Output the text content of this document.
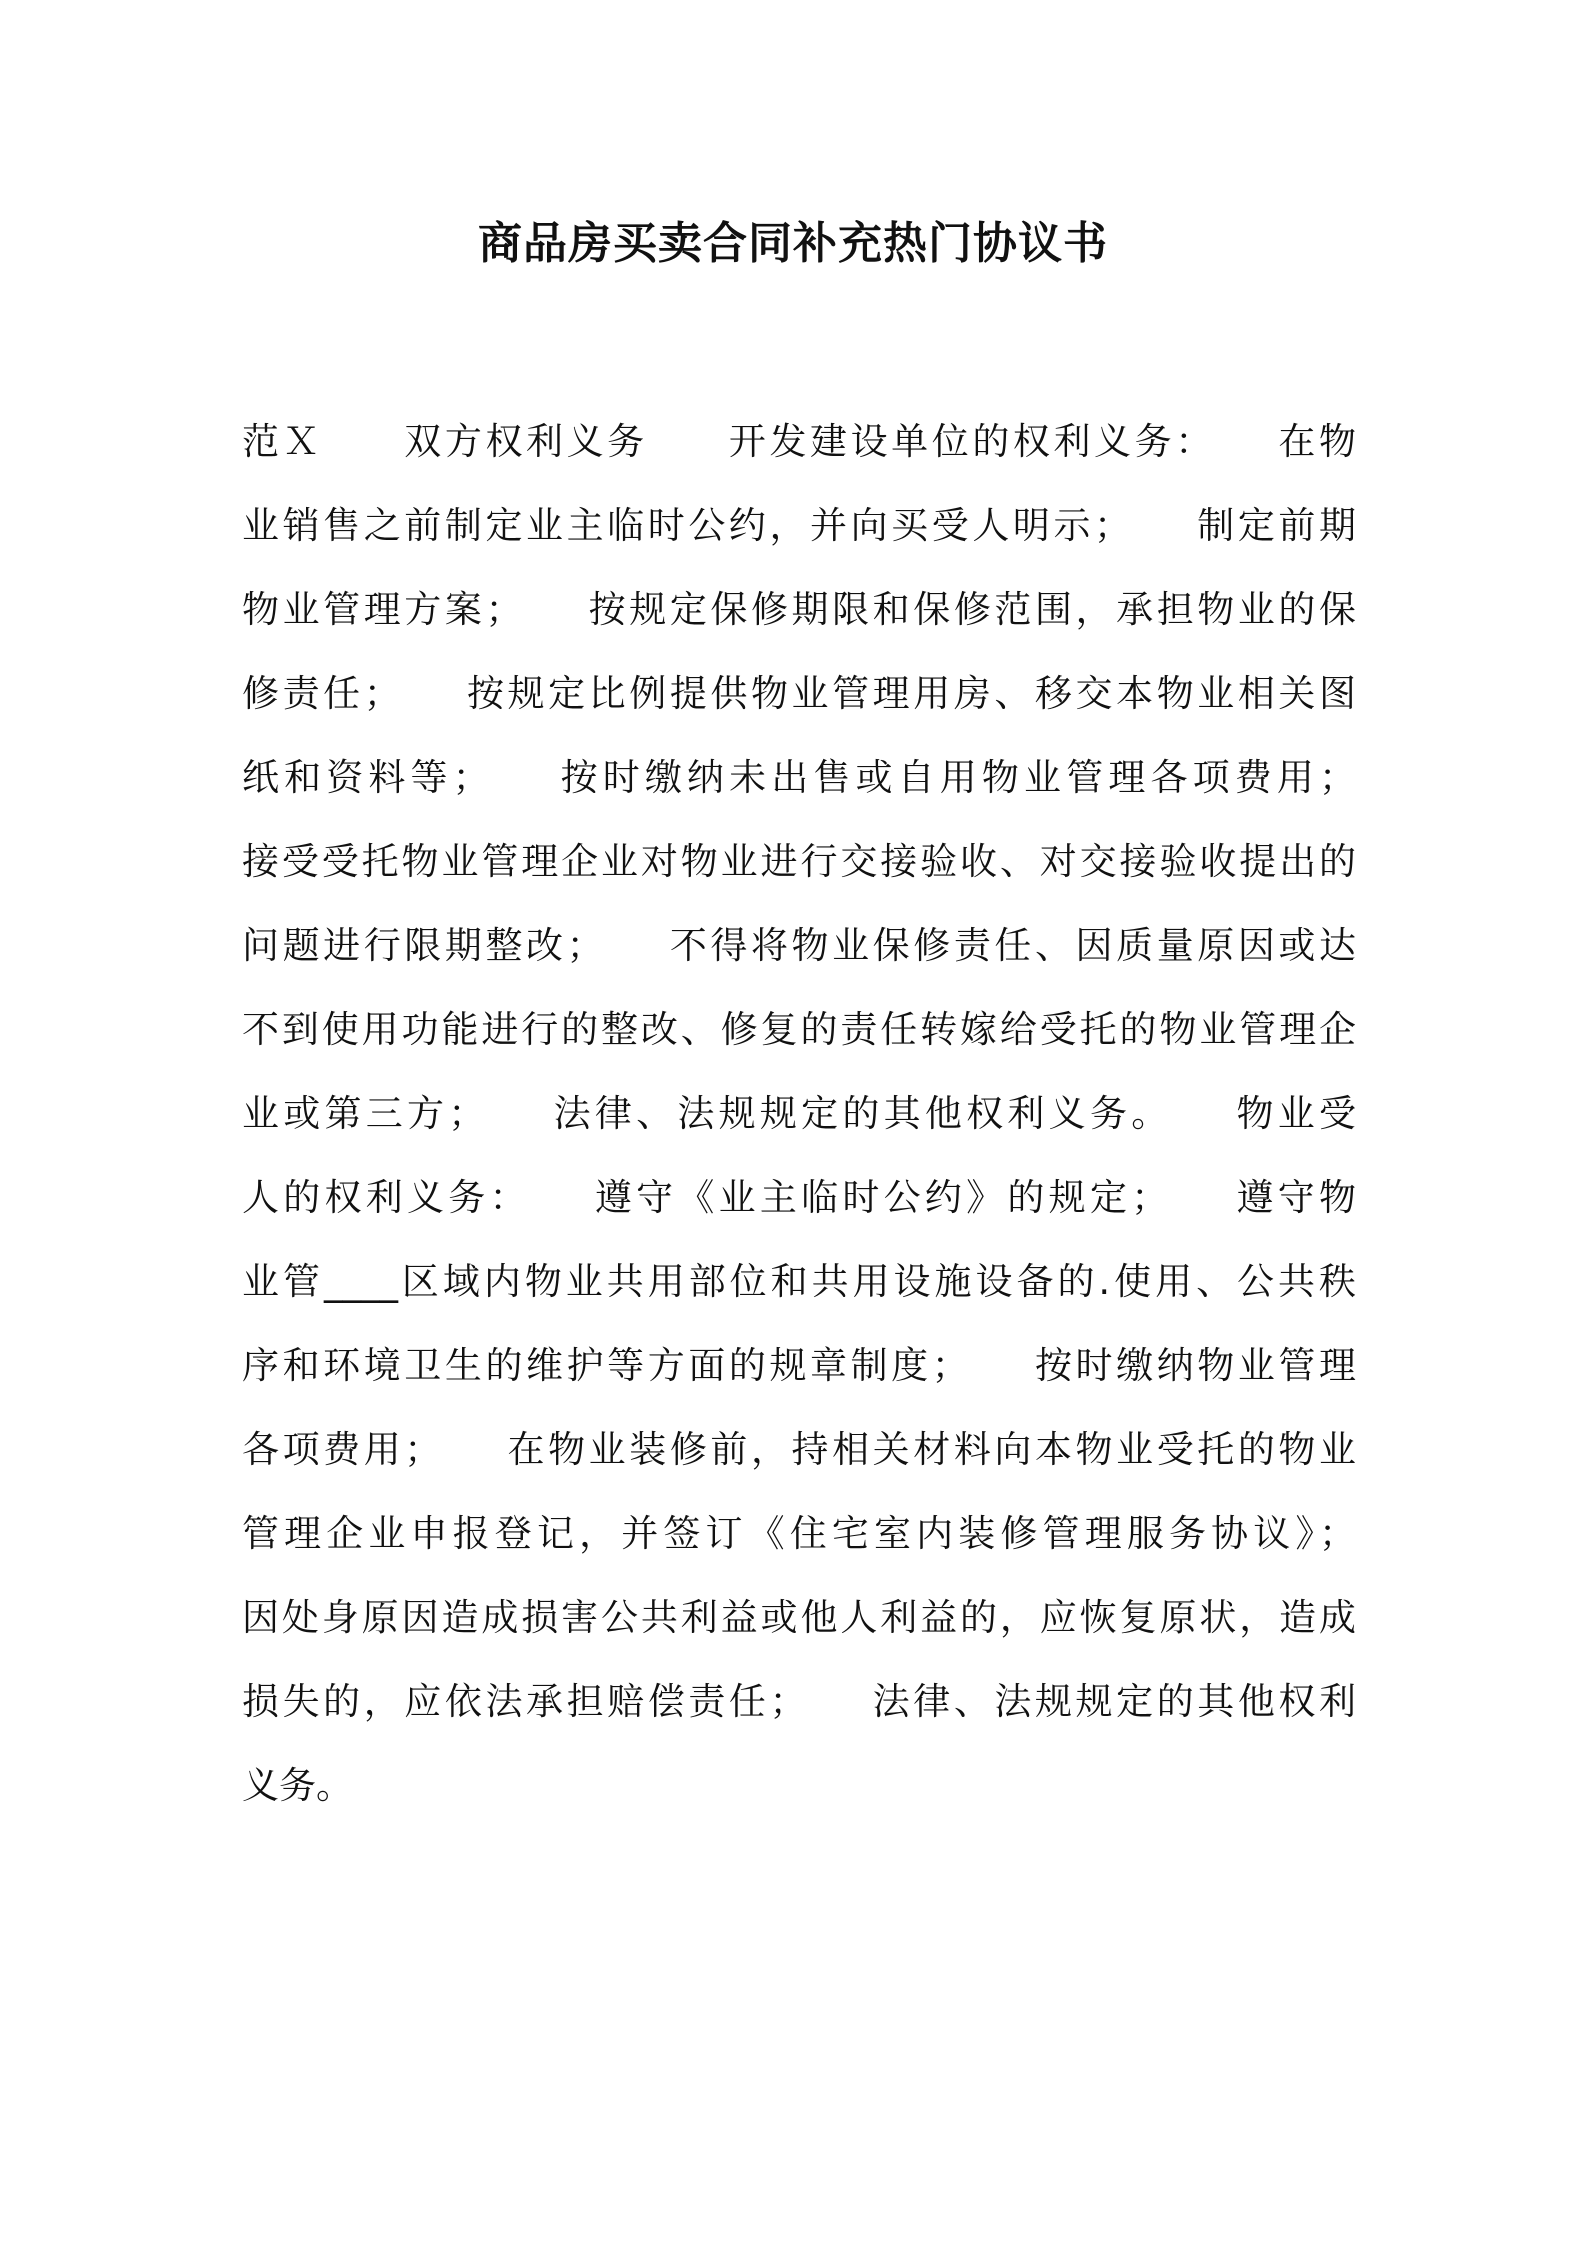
商品房买卖合同补充热门协议书
范Ｘ　　双方权利义务　　开发建设单位的权利义务：　　在物
业销售之前制定业主临时公约，并向买受人明示；　　制定前期
物业管理方案；　　按规定保修期限和保修范围，承担物业的保
修责任；　　按规定比例提供物业管理用房、移交本物业相关图
纸和资料等；　　按时缴纳未出售或自用物业管理各项费用；
接受受托物业管理企业对物业进行交接验收、对交接验收提出的
问题进行限期整改；　　不得将物业保修责任、因质量原因或达
不到使用功能进行的整改、修复的责任转嫁给受托的物业管理企
业或第三方；　　法律、法规规定的其他权利义务。　　物业受
人的权利义务：　　遵守《业主临时公约》的规定；　　遵守物
业管____区域内物业共用部位和共用设施设备的.使用、公共秩
序和环境卫生的维护等方面的规章制度；　　按时缴纳物业管理
各项费用；　　在物业装修前，持相关材料向本物业受托的物业
管理企业申报登记，并签订《住宅室内装修管理服务协议》；
因处身原因造成损害公共利益或他人利益的，应恢复原状，造成
损失的，应依法承担赔偿责任；　　法律、法规规定的其他权利
义务。
